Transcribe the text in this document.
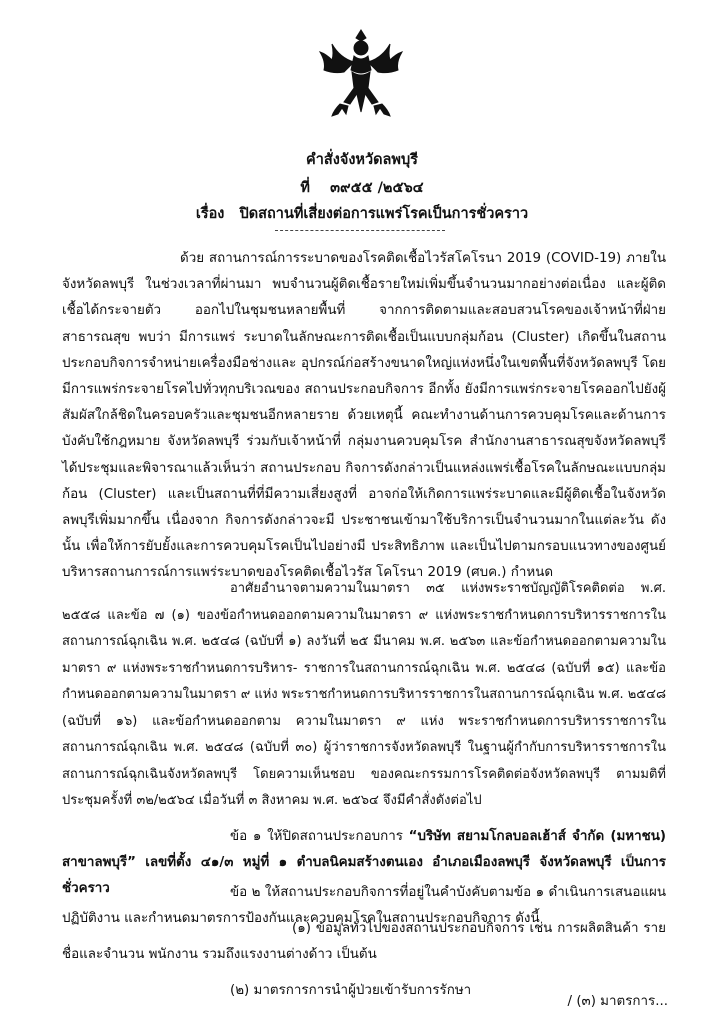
คำสั่งจังหวัดลพบุรี
ที่ ๓๙๕๕ /๒๕๖๔
เรื่อง ปิดสถานที่เสี่ยงต่อการแพร่โรคเป็นการชั่วคราว
ด้วย สถานการณ์การระบาดของโรคติดเชื้อไวรัสโคโรนา 2019 (COVID-19) ภายในจังหวัดลพบุรี ในช่วงเวลาที่ผ่านมา พบจำนวนผู้ติดเชื้อรายใหม่เพิ่มขึ้นจำนวนมากอย่างต่อเนื่อง และผู้ติดเชื้อได้กระจายตัว ออกไปในชุมชนหลายพื้นที่ จากการติดตามและสอบสวนโรคของเจ้าหน้าที่ฝ่ายสาธารณสุข พบว่า มีการแพร่ ระบาดในลักษณะการติดเชื้อเป็นแบบกลุ่มก้อน (Cluster) เกิดขึ้นในสถานประกอบกิจการจำหน่ายเครื่องมือช่างและ อุปกรณ์ก่อสร้างขนาดใหญ่แห่งหนึ่งในเขตพื้นที่จังหวัดลพบุรี โดยมีการแพร่กระจายโรคไปทั่วทุกบริเวณของ สถานประกอบกิจการ อีกทั้ง ยังมีการแพร่กระจายโรคออกไปยังผู้สัมผัสใกล้ชิดในครอบครัวและชุมชนอีกหลายราย ด้วยเหตุนี้ คณะทำงานด้านการควบคุมโรคและด้านการบังคับใช้กฎหมาย จังหวัดลพบุรี ร่วมกับเจ้าหน้าที่ กลุ่มงานควบคุมโรค สำนักงานสาธารณสุขจังหวัดลพบุรี ได้ประชุมและพิจารณาแล้วเห็นว่า สถานประกอบ กิจการดังกล่าวเป็นแหล่งแพร่เชื้อโรคในลักษณะแบบกลุ่มก้อน (Cluster) และเป็นสถานที่ที่มีความเสี่ยงสูงที่ อาจก่อให้เกิดการแพร่ระบาดและมีผู้ติดเชื้อในจังหวัดลพบุรีเพิ่มมากขึ้น เนื่องจาก กิจการดังกล่าวจะมี ประชาชนเข้ามาใช้บริการเป็นจำนวนมากในแต่ละวัน ดังนั้น เพื่อให้การยับยั้งและการควบคุมโรคเป็นไปอย่างมี ประสิทธิภาพ และเป็นไปตามกรอบแนวทางของศูนย์บริหารสถานการณ์การแพร่ระบาดของโรคติดเชื้อไวรัส โคโรนา 2019 (ศบค.) กำหนด
อาศัยอำนาจตามความในมาตรา ๓๕ แห่งพระราชบัญญัติโรคติดต่อ พ.ศ. ๒๕๕๘ และข้อ ๗ (๑) ของข้อกำหนดออกตามความในมาตรา ๙ แห่งพระราชกำหนดการบริหารราชการในสถานการณ์ฉุกเฉิน พ.ศ. ๒๕๔๘ (ฉบับที่ ๑) ลงวันที่ ๒๕ มีนาคม พ.ศ. ๒๕๖๓ และข้อกำหนดออกตามความในมาตรา ๙ แห่งพระราชกำหนดการบริหาร- ราชการในสถานการณ์ฉุกเฉิน พ.ศ. ๒๕๔๘ (ฉบับที่ ๑๕) และข้อกำหนดออกตามความในมาตรา ๙ แห่ง พระราชกำหนดการบริหารราชการในสถานการณ์ฉุกเฉิน พ.ศ. ๒๕๔๘ (ฉบับที่ ๑๖) และข้อกำหนดออกตาม ความในมาตรา ๙ แห่ง พระราชกำหนดการบริหารราชการในสถานการณ์ฉุกเฉิน พ.ศ. ๒๕๔๘ (ฉบับที่ ๓๐) ผู้ว่าราชการจังหวัดลพบุรี ในฐานผู้กำกับการบริหารราชการในสถานการณ์ฉุกเฉินจังหวัดลพบุรี โดยความเห็นชอบ ของคณะกรรมการโรคติดต่อจังหวัดลพบุรี ตามมติที่ประชุมครั้งที่ ๓๒/๒๕๖๔ เมื่อวันที่ ๓ สิงหาคม พ.ศ. ๒๕๖๔ จึงมีคำสั่งดังต่อไป
ข้อ ๑ ให้ปิดสถานประกอบการ “บริษัท สยามโกลบอลเฮ้าส์ จำกัด (มหาชน) สาขาลพบุรี” เลขที่ตั้ง ๔๑/๓ หมู่ที่ ๑ ตำบลนิคมสร้างตนเอง อำเภอเมืองลพบุรี จังหวัดลพบุรี เป็นการชั่วคราว	ข้อ ๒ ให้สถานประกอบกิจการที่อยู่ในคำบังคับตามข้อ ๑ ดำเนินการเสนอแผนปฏิบัติงาน และกำหนดมาตรการป้องกันและควบคุมโรคในสถานประกอบกิจการ ดังนี้
(๑) ข้อมูลทั่วไปของสถานประกอบกิจการ เช่น การผลิตสินค้า รายชื่อและจำนวน พนักงาน รวมถึงแรงงานต่างด้าว เป็นต้น
(๒) มาตรการการนำผู้ป่วยเข้ารับการรักษา
/ (๓) มาตรการ...
